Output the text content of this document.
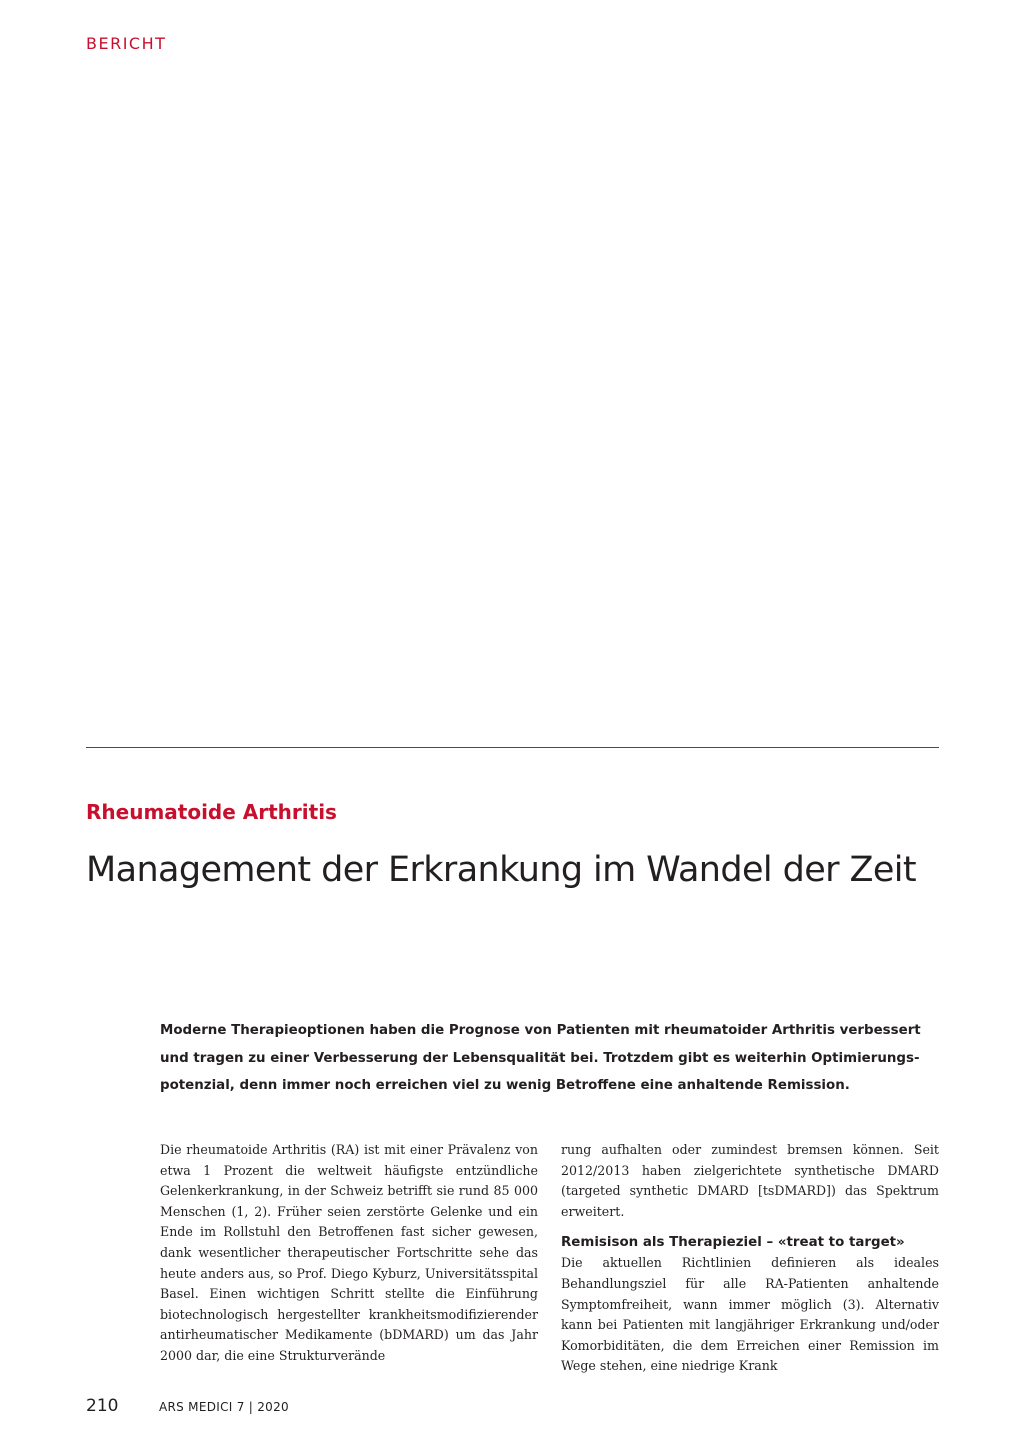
BERICHT
Rheumatoide Arthritis
Management der Erkrankung im Wandel der Zeit

Moderne Therapieoptionen haben die Prognose von Patienten mit rheumatoider Arthritis verbessert und tragen zu einer Verbesserung der Lebensqualität bei. Trotzdem gibt es weiterhin Optimierungspotenzial, denn immer noch erreichen viel zu wenig Betroffene eine anhaltende Remission.

Die rheumatoide Arthritis (RA) ist mit einer Prävalenz von etwa 1 Prozent die weltweit häufigste entzündliche Gelenkerkrankung, in der Schweiz betrifft sie rund 85 000 Menschen (1, 2). Früher seien zerstörte Gelenke und ein Ende im Rollstuhl den Betroffenen fast sicher gewesen, dank wesentlicher therapeutischer Fortschritte sehe das heute anders aus, so Prof. Diego Kyburz, Universitätsspital Basel. Einen wichtigen Schritt stellte die Einführung biotechnologisch hergestellter krankheitsmodifizierender antirheumatischer Medikamente (bDMARD) um das Jahr 2000 dar, die eine Strukturverände

rung aufhalten oder zumindest bremsen können. Seit 2012/2013 haben zielgerichtete synthetische DMARD (targeted synthetic DMARD [tsDMARD]) das Spektrum erweitert.

Remisison als Therapieziel – «treat to target»

Die aktuellen Richtlinien definieren als ideales Behandlungsziel für alle RA-Patienten anhaltende Symptomfreiheit, wann immer möglich (3). Alternativ kann bei Patienten mit langjähriger Erkrankung und/oder Komorbiditäten, die dem Erreichen einer Remission im Wege stehen, eine niedrige Krank

210	ARS MEDICI 7 | 2020
